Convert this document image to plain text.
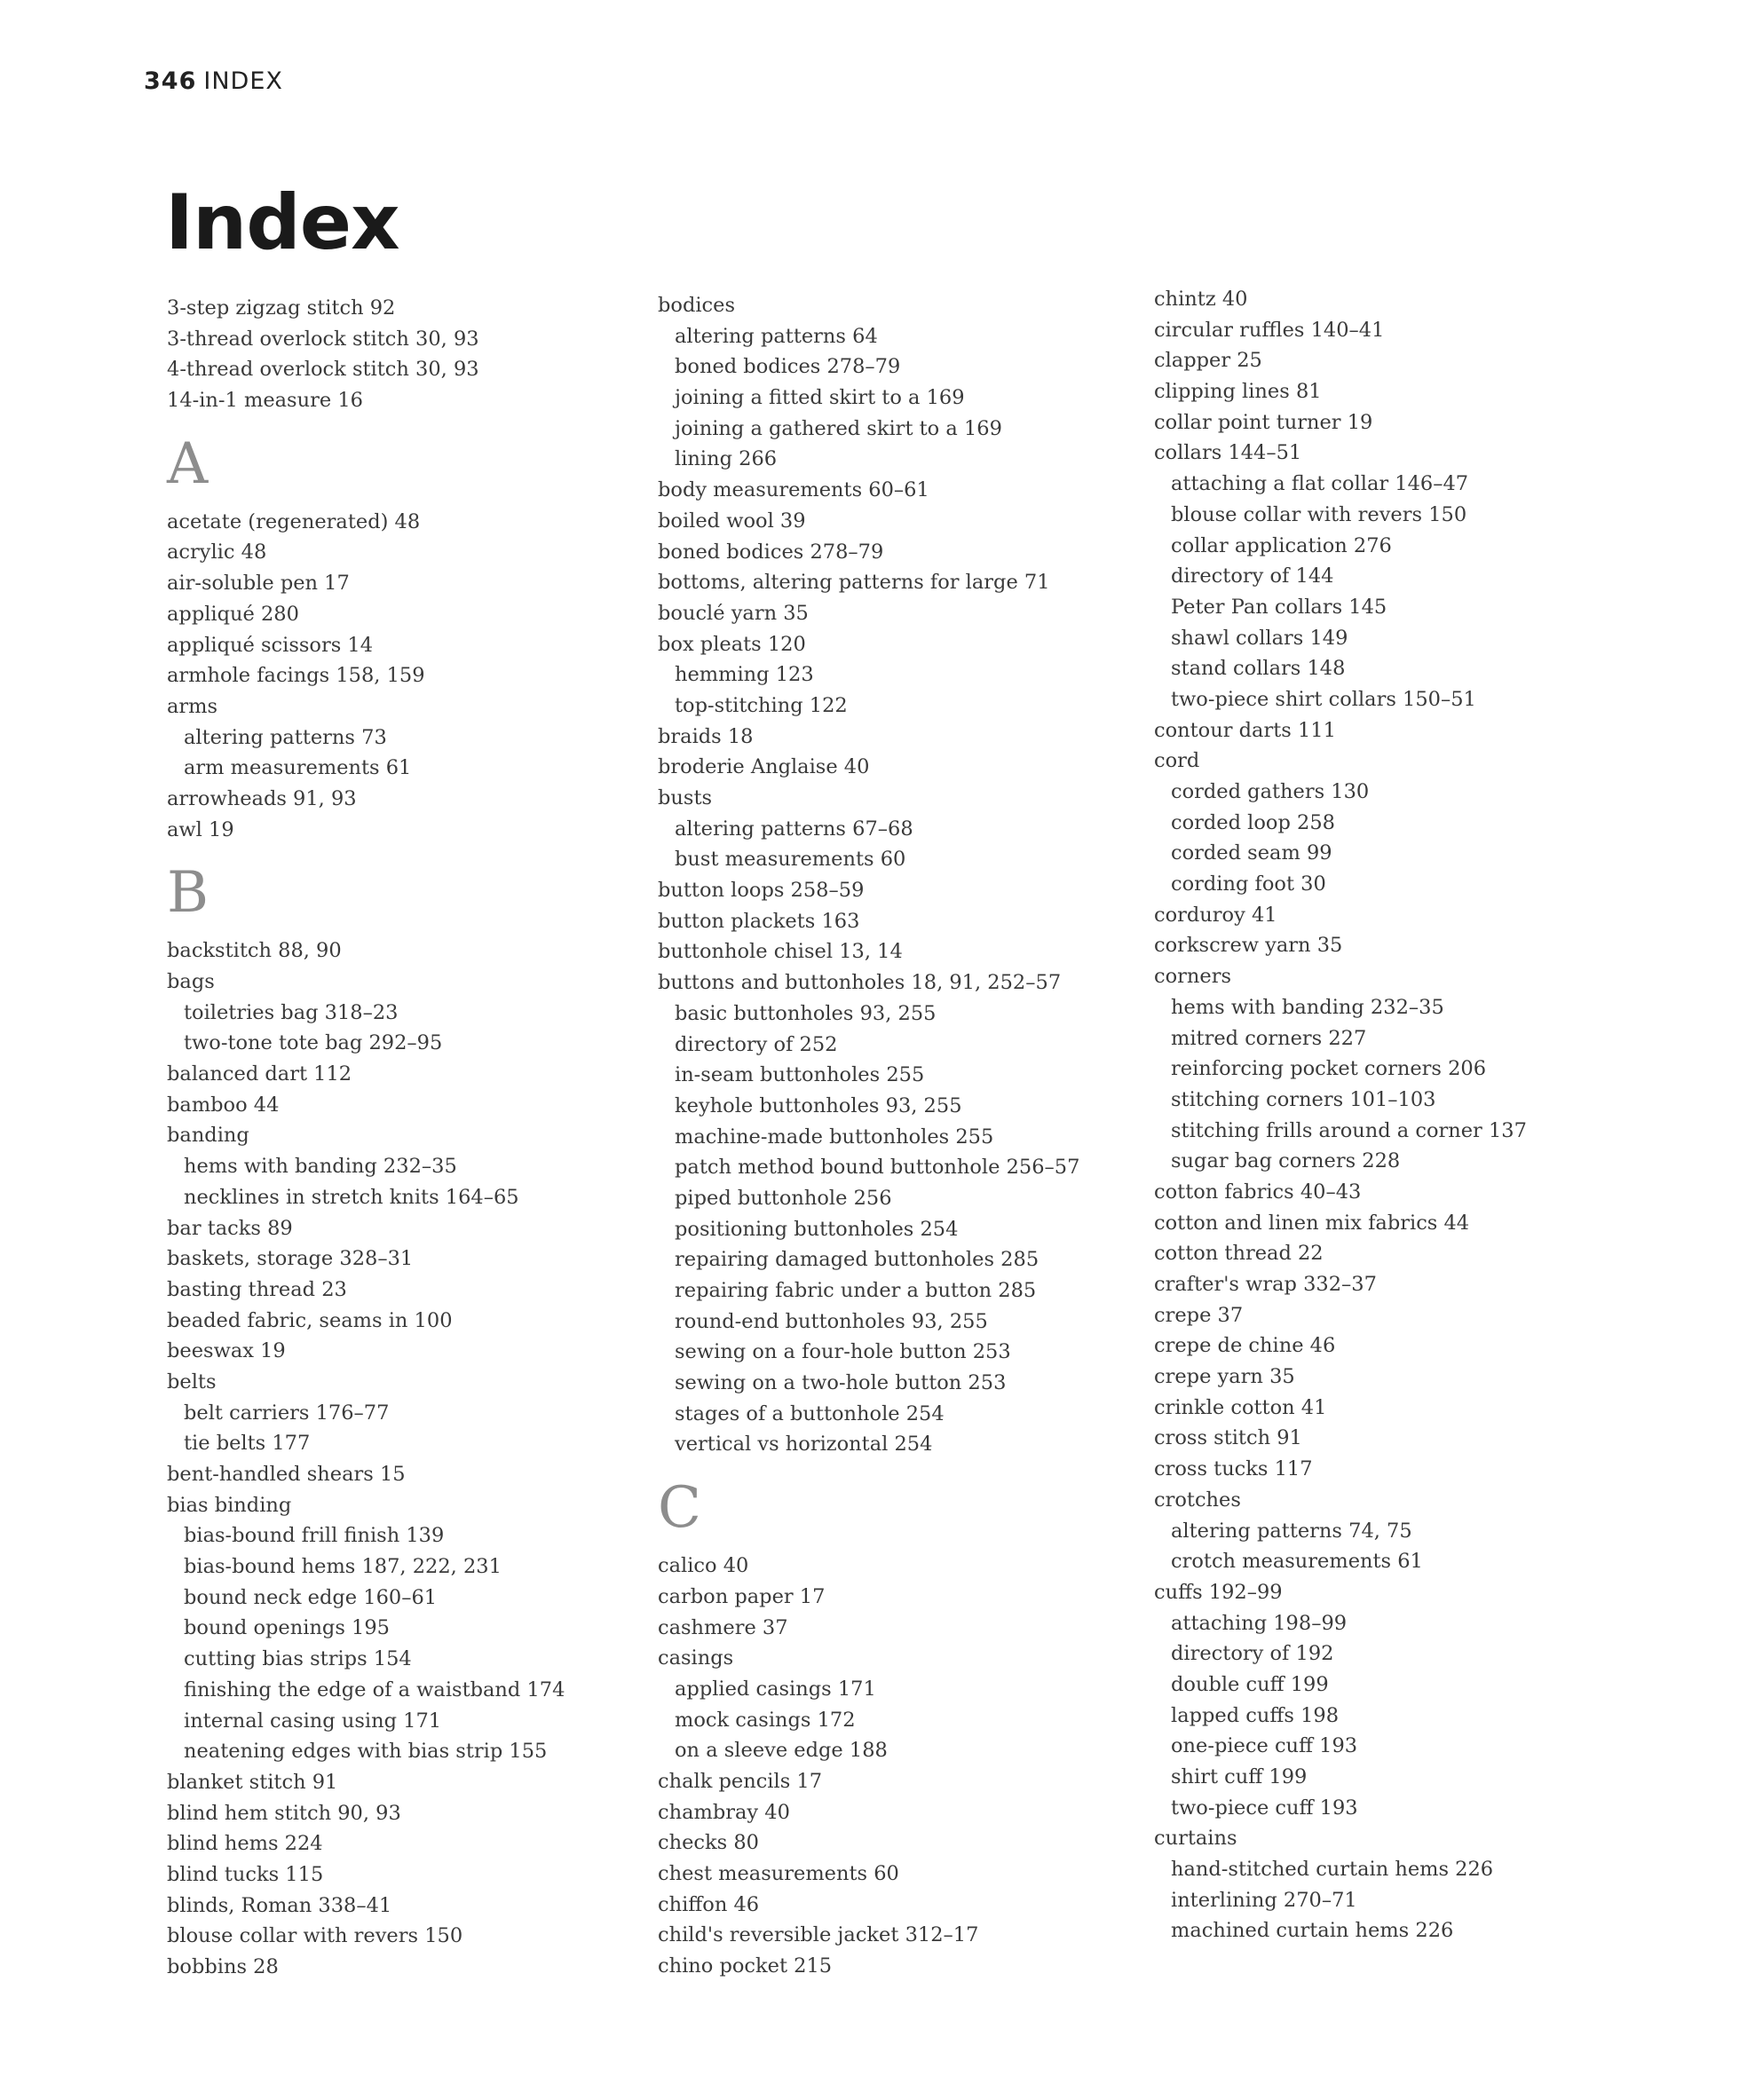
346 INDEX
Index
3-step zigzag stitch 92
3-thread overlock stitch 30, 93
4-thread overlock stitch 30, 93
14-in-1 measure 16
A
acetate (regenerated) 48
acrylic 48
air-soluble pen 17
appliqué 280
appliqué scissors 14
armhole facings 158, 159
arms
altering patterns 73
arm measurements 61
arrowheads 91, 93
awl 19
B
backstitch 88, 90
bags
toiletries bag 318–23
two-tone tote bag 292–95
balanced dart 112
bamboo 44
banding
hems with banding 232–35
necklines in stretch knits 164–65
bar tacks 89
baskets, storage 328–31
basting thread 23
beaded fabric, seams in 100
beeswax 19
belts
belt carriers 176–77
tie belts 177
bent-handled shears 15
bias binding
bias-bound frill finish 139
bias-bound hems 187, 222, 231
bound neck edge 160–61
bound openings 195
cutting bias strips 154
finishing the edge of a waistband 174
internal casing using 171
neatening edges with bias strip 155
blanket stitch 91
blind hem stitch 90, 93
blind hems 224
blind tucks 115
blinds, Roman 338–41
blouse collar with revers 150
bobbins 28
bodices
altering patterns 64
boned bodices 278–79
joining a fitted skirt to a 169
joining a gathered skirt to a 169
lining 266
body measurements 60–61
boiled wool 39
boned bodices 278–79
bottoms, altering patterns for large 71
bouclé yarn 35
box pleats 120
hemming 123
top-stitching 122
braids 18
broderie Anglaise 40
busts
altering patterns 67–68
bust measurements 60
button loops 258–59
button plackets 163
buttonhole chisel 13, 14
buttons and buttonholes 18, 91, 252–57
basic buttonholes 93, 255
directory of 252
in-seam buttonholes 255
keyhole buttonholes 93, 255
machine-made buttonholes 255
patch method bound buttonhole 256–57
piped buttonhole 256
positioning buttonholes 254
repairing damaged buttonholes 285
repairing fabric under a button 285
round-end buttonholes 93, 255
sewing on a four-hole button 253
sewing on a two-hole button 253
stages of a buttonhole 254
vertical vs horizontal 254
C
calico 40
carbon paper 17
cashmere 37
casings
applied casings 171
mock casings 172
on a sleeve edge 188
chalk pencils 17
chambray 40
checks 80
chest measurements 60
chiffon 46
child's reversible jacket 312–17
chino pocket 215
chintz 40
circular ruffles 140–41
clapper 25
clipping lines 81
collar point turner 19
collars 144–51
attaching a flat collar 146–47
blouse collar with revers 150
collar application 276
directory of 144
Peter Pan collars 145
shawl collars 149
stand collars 148
two-piece shirt collars 150–51
contour darts 111
cord
corded gathers 130
corded loop 258
corded seam 99
cording foot 30
corduroy 41
corkscrew yarn 35
corners
hems with banding 232–35
mitred corners 227
reinforcing pocket corners 206
stitching corners 101–103
stitching frills around a corner 137
sugar bag corners 228
cotton fabrics 40–43
cotton and linen mix fabrics 44
cotton thread 22
crafter's wrap 332–37
crepe 37
crepe de chine 46
crepe yarn 35
crinkle cotton 41
cross stitch 91
cross tucks 117
crotches
altering patterns 74, 75
crotch measurements 61
cuffs 192–99
attaching 198–99
directory of 192
double cuff 199
lapped cuffs 198
one-piece cuff 193
shirt cuff 199
two-piece cuff 193
curtains
hand-stitched curtain hems 226
interlining 270–71
machined curtain hems 226
